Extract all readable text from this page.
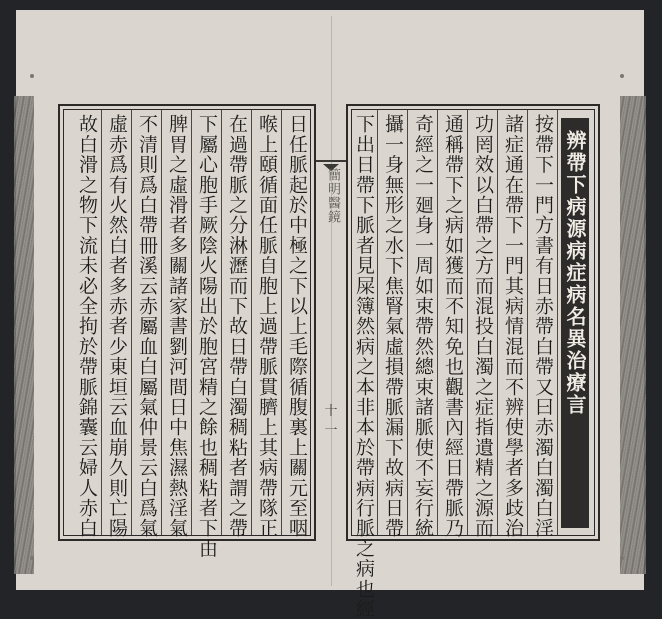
日任脈起於中極之下以上毛際循腹裏上關元至咽
喉上頤循面任脈自胞上過帶脈貫臍上其病帶隊正
在過帶脈之分淋瀝而下故日帶白濁稠粘者謂之帶
下屬心胞手厥陰火陽出於胞宮精之餘也稠粘者下由
脾胃之虛滑者多關諸家書劉河間日中焦濕熱淫氣
不清則爲白帶冊溪云赤屬血白屬氣仲景云白爲氣
虛赤爲有火然白者多赤者少東垣云血崩久則亡陽
故白滑之物下流未必全拘於帶脈錦囊云婦人赤白	簡明醫鏡
十一
辨帶下病源病症病名異治療言
按帶下一門方書有日赤帶白帶又曰赤濁白濁白淫
諸症通在帶下一門其病情混而不辨使學者多歧治
功罔效以白帶之方而混投白濁之症指遺精之源而
通稱帶下之病如獲而不知免也觀書內經日帶脈乃
奇經之一廻身一周如束帶然總束諸脈使不妄行統
攝一身無形之水下焦腎氣虛損帶脈漏下故病日帶
下出日帶下脈者見屎簿然病之本非本於帶病行脈之病也經
